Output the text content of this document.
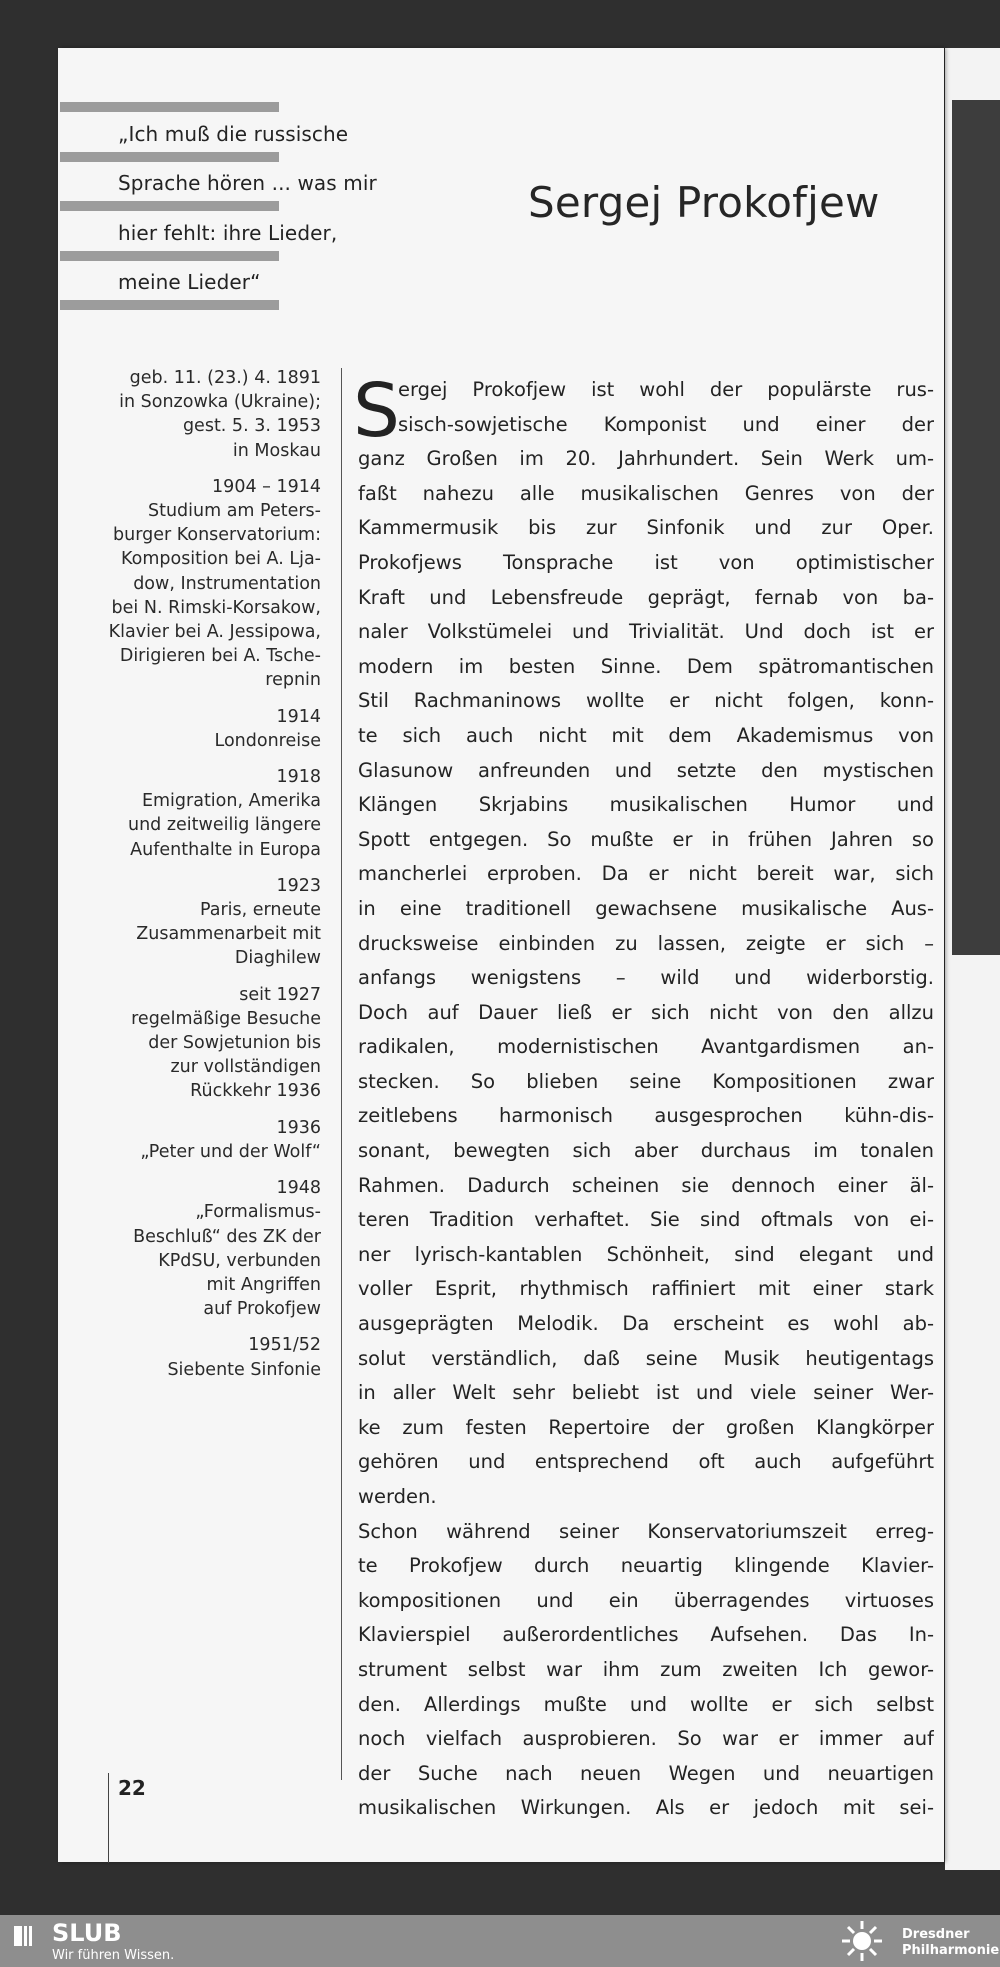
„Ich muß die russische
Sprache hören ... was mir
hier fehlt: ihre Lieder,
meine Lieder“
Sergej Prokofjew
geb. 11. (23.) 4. 1891
in Sonzowka (Ukraine);
gest. 5. 3. 1953
in Moskau
1904 – 1914
Studium am Peters-
burger Konservatorium:
Komposition bei A. Lja-
dow, Instrumentation
bei N. Rimski-Korsakow,
Klavier bei A. Jessipowa,
Dirigieren bei A. Tsche-
repnin
1914
Londonreise
1918
Emigration, Amerika
und zeitweilig längere
Aufenthalte in Europa
1923
Paris, erneute
Zusammenarbeit mit
Diaghilew
seit 1927
regelmäßige Besuche
der Sowjetunion bis
zur vollständigen
Rückkehr 1936
1936
„Peter und der Wolf“
1948
„Formalismus-
Beschluß“ des ZK der
KPdSU, verbunden
mit Angriffen
auf Prokofjew
1951/52
Siebente Sinfonie
S
ergej Prokofjew ist wohl der populärste rus-
sisch-sowjetische Komponist und einer der
ganz Großen im 20. Jahrhundert. Sein Werk um-
faßt nahezu alle musikalischen Genres von der
Kammermusik bis zur Sinfonik und zur Oper.
Prokofjews Tonsprache ist von optimistischer
Kraft und Lebensfreude geprägt, fernab von ba-
naler Volkstümelei und Trivialität. Und doch ist er
modern im besten Sinne. Dem spätromantischen
Stil Rachmaninows wollte er nicht folgen, konn-
te sich auch nicht mit dem Akademismus von
Glasunow anfreunden und setzte den mystischen
Klängen Skrjabins musikalischen Humor und
Spott entgegen. So mußte er in frühen Jahren so
mancherlei erproben. Da er nicht bereit war, sich
in eine traditionell gewachsene musikalische Aus-
drucksweise einbinden zu lassen, zeigte er sich –
anfangs wenigstens – wild und widerborstig.
Doch auf Dauer ließ er sich nicht von den allzu
radikalen, modernistischen Avantgardismen an-
stecken. So blieben seine Kompositionen zwar
zeitlebens harmonisch ausgesprochen kühn-dis-
sonant, bewegten sich aber durchaus im tonalen
Rahmen. Dadurch scheinen sie dennoch einer äl-
teren Tradition verhaftet. Sie sind oftmals von ei-
ner lyrisch-kantablen Schönheit, sind elegant und
voller Esprit, rhythmisch raffiniert mit einer stark
ausgeprägten Melodik. Da erscheint es wohl ab-
solut verständlich, daß seine Musik heutigentags
in aller Welt sehr beliebt ist und viele seiner Wer-
ke zum festen Repertoire der großen Klangkörper
gehören und entsprechend oft auch aufgeführt
werden.
Schon während seiner Konservatoriumszeit erreg-
te Prokofjew durch neuartig klingende Klavier-
kompositionen und ein überragendes virtuoses
Klavierspiel außerordentliches Aufsehen. Das In-
strument selbst war ihm zum zweiten Ich gewor-
den. Allerdings mußte und wollte er sich selbst
noch vielfach ausprobieren. So war er immer auf
der Suche nach neuen Wegen und neuartigen
musikalischen Wirkungen. Als er jedoch mit sei-
22
SLUB
Wir führen Wissen.
Dresdner
Philharmonie
